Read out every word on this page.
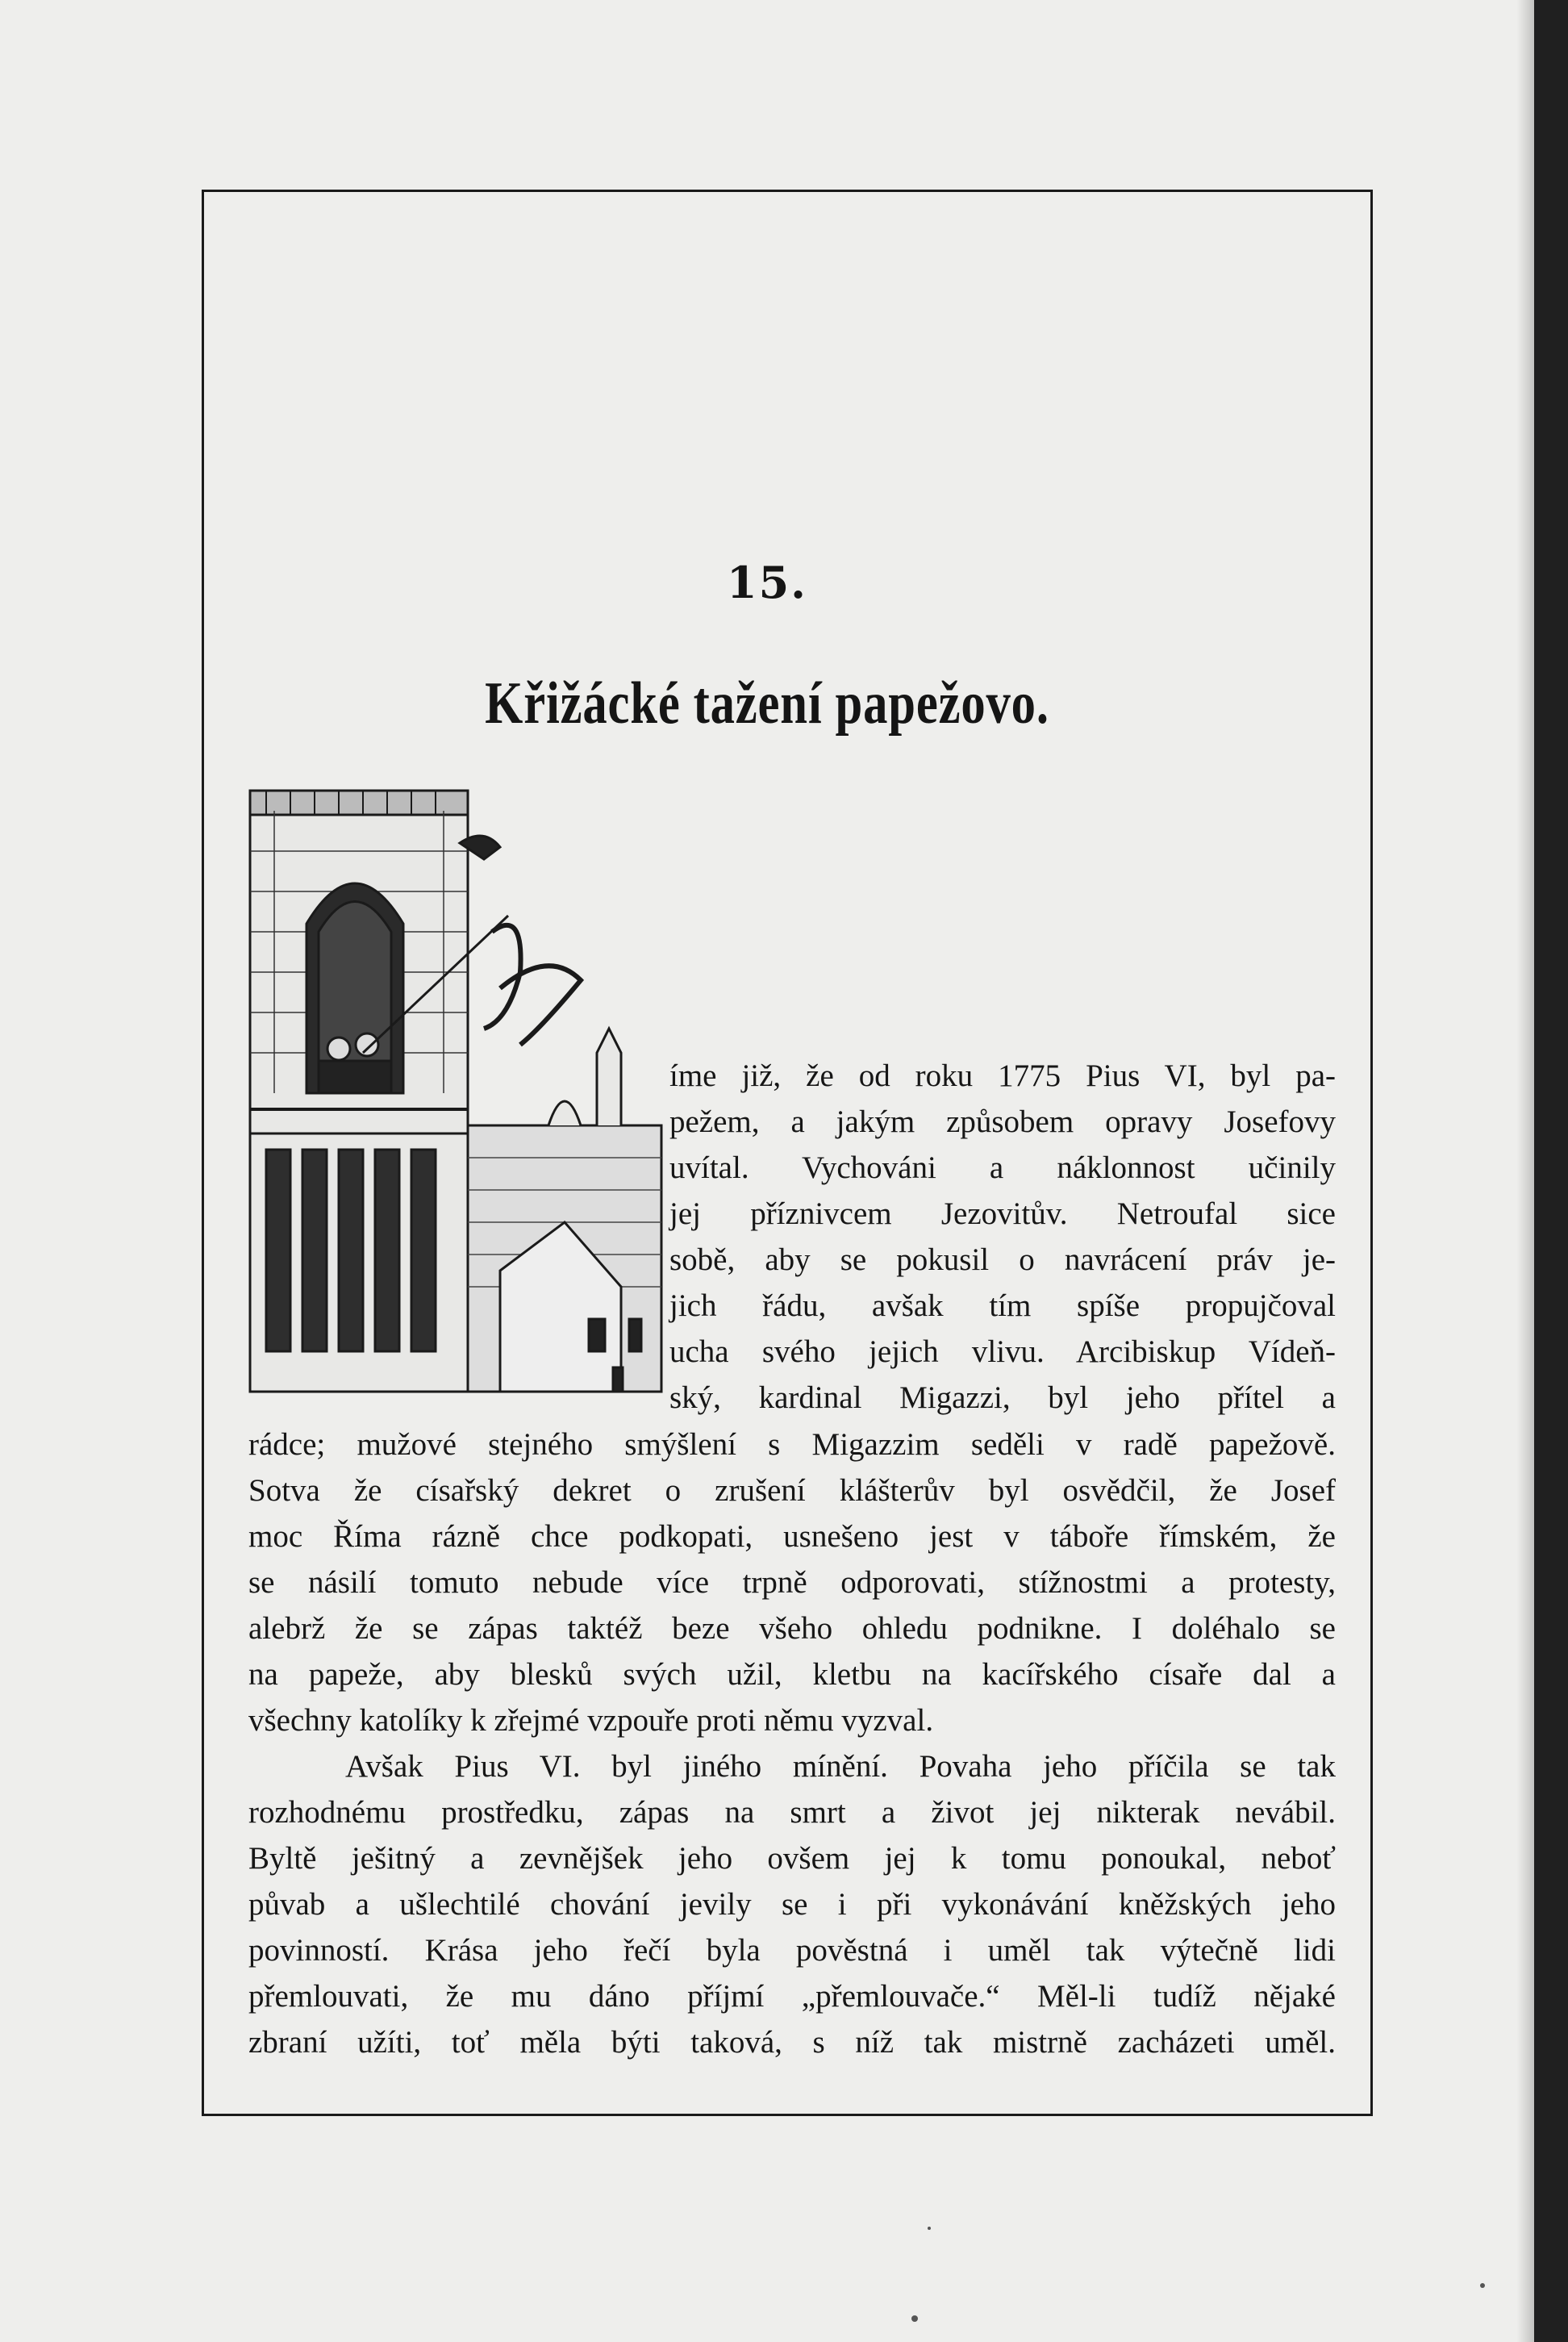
15.
Křižácké tažení papežovo.
íme již, že od roku 1775 Pius VI, byl pa-
pežem, a jakým způsobem opravy Josefovy
uvítal. Vychováni a náklonnost učinily
jej příznivcem Jezovitův. Netroufal sice
sobě, aby se pokusil o navrácení práv je-
jich řádu, avšak tím spíše propujčoval
ucha svého jejich vlivu. Arcibiskup Vídeň-
ský, kardinal Migazzi, byl jeho přítel a
rádce; mužové stejného smýšlení s Migazzim seděli v radě papežově.
Sotva že císařský dekret o zrušení klášterův byl osvědčil, že Josef
moc Říma rázně chce podkopati, usnešeno jest v táboře římském, že
se násilí tomuto nebude více trpně odporovati, stížnostmi a protesty,
alebrž že se zápas taktéž beze všeho ohledu podnikne. I doléhalo se
na papeže, aby blesků svých užil, kletbu na kacířského císaře dal a
všechny katolíky k zřejmé vzpouře proti němu vyzval.
Avšak Pius VI. byl jiného mínění. Povaha jeho příčila se tak
rozhodnému prostředku, zápas na smrt a život jej nikterak nevábil.
Byltě ješitný a zevnějšek jeho ovšem jej k tomu ponoukal, neboť
půvab a ušlechtilé chování jevily se i při vykonávání kněžských jeho
povinností. Krása jeho řečí byla pověstná i uměl tak výtečně lidi
přemlouvati, že mu dáno příjmí „přemlouvače.“ Měl-li tudíž nějaké
zbraní užíti, toť měla býti taková, s níž tak mistrně zacházeti uměl.
